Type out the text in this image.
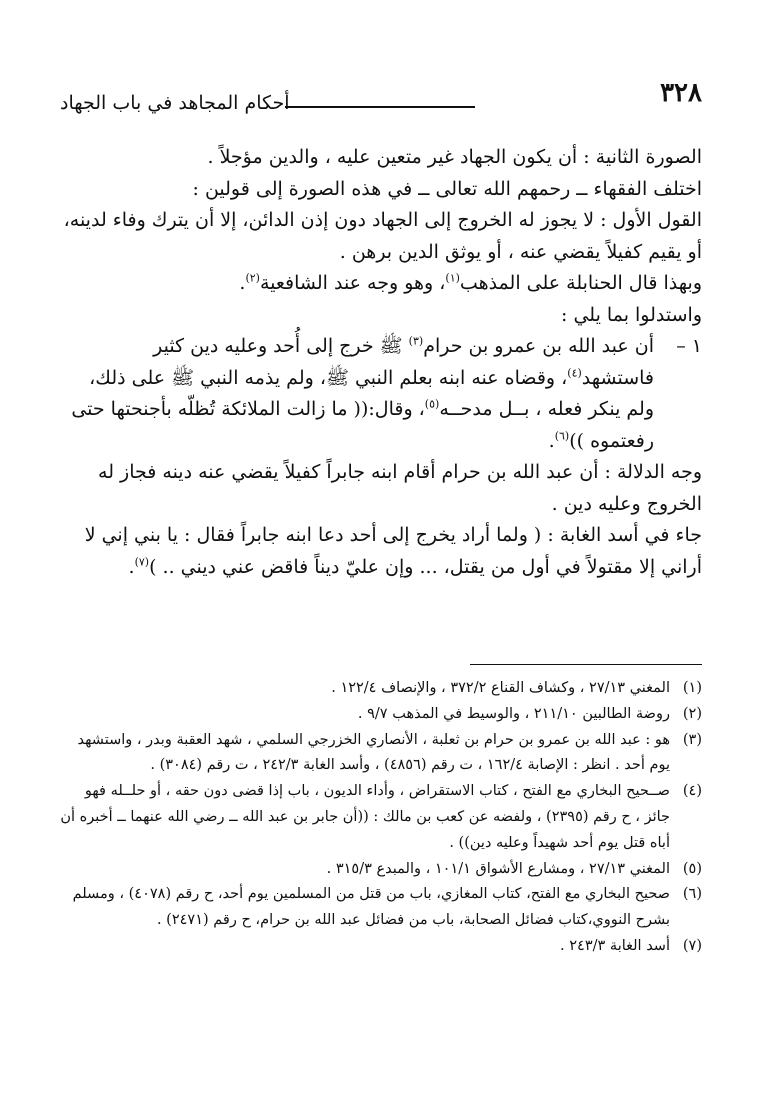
٣٢٨
أحكام المجاهد في باب الجهاد

الصورة الثانية : أن يكون الجهاد غير متعين عليه ، والدين مؤجلاً .

اختلف الفقهاء ــ رحمهم الله تعالى ــ في هذه الصورة إلى قولين :

القول الأول : لا يجوز له الخروج إلى الجهاد دون إذن الدائن، إلا أن يترك وفاء لدينه، أو يقيم كفيلاً يقضي عنه ، أو يوثق الدين برهن .

وبهذا قال الحنابلة على المذهب$^{(١)}$، وهو وجه عند الشافعية$^{(٢)}$.

واستدلوا بما يلي :

١ –
أن عبد الله بن عمرو بن حرام$^{(٣)}$ ﷺ خرج إلى أُحد وعليه دين كثير فاستشهد$^{(٤)}$، وقضاه عنه ابنه بعلم النبي ﷺ، ولم يذمه النبي ﷺ على ذلك، ولم ينكر فعله ، بــل مدحــه$^{(٥)}$، وقال:(( ما زالت الملائكة تُظلّه بأجنحتها حتى رفعتموه ))$^{(٦)}$.

وجه الدلالة : أن عبد الله بن حرام أقام ابنه جابراً كفيلاً يقضي عنه دينه فجاز له الخروج وعليه دين .

جاء في أسد الغابة : ( ولما أراد يخرج إلى أحد دعا ابنه جابراً فقال : يا بني إني لا أراني إلا مقتولاً في أول من يقتل، ... وإن عليّ ديناً فاقض عني ديني .. )$^{(٧)}$.

(١)
المغني ٢٧/١٣ ، وكشاف القناع ٣٧٢/٢ ، والإنصاف ١٢٢/٤ .
(٢)
روضة الطالبين ٢١١/١٠ ، والوسيط في المذهب ٩/٧ .
(٣)
هو : عبد الله بن عمرو بن حرام بن ثعلبة ، الأنصاري الخزرجي السلمي ، شهد العقبة وبدر ، واستشهد يوم أحد . انظر : الإصابة ١٦٢/٤ ، ت رقم (٤٨٥٦) ، وأسد الغابة ٢٤٢/٣ ، ت رقم (٣٠٨٤) .
(٤)
صــحيح البخاري مع الفتح ، كتاب الاستقراض ، وأداء الديون ، باب إذا قضى دون حقه ، أو حلــله فهو جائز ، ح رقم (٢٣٩٥) ، ولفضه عن كعب بن مالك : ((أن جابر بن عبد الله ــ رضي الله عنهما ــ أخبره أن أباه قتل يوم أحد شهيداً وعليه دين)) .
(٥)
المغني ٢٧/١٣ ، ومشارع الأشواق ١٠١/١ ، والمبدع ٣١٥/٣ .
(٦)
صحيح البخاري مع الفتح، كتاب المغازي، باب من قتل من المسلمين يوم أحد، ح رقم (٤٠٧٨) ، ومسلم بشرح النووي،كتاب فضائل الصحابة، باب من فضائل عبد الله بن حرام، ح رقم (٢٤٧١) .
(٧)
أسد الغابة ٢٤٣/٣ .
